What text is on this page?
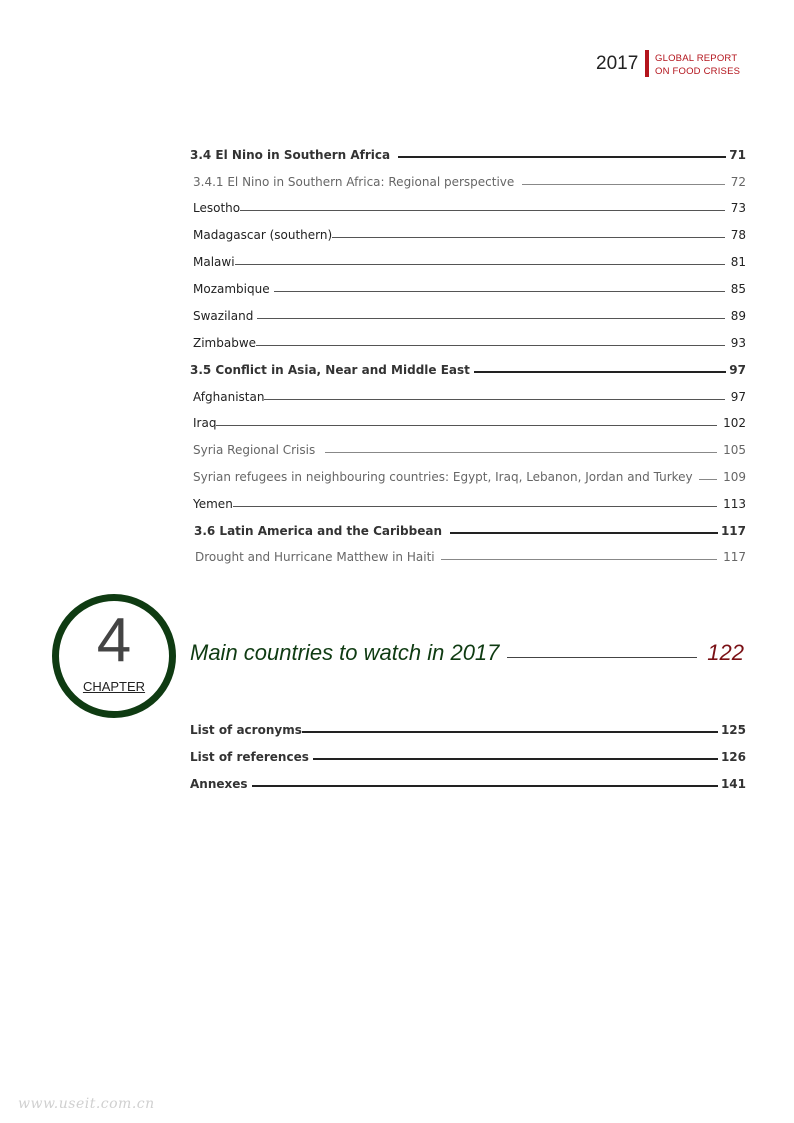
2017 GLOBAL REPORT
ON FOOD CRISES
3.4 El Nino in Southern Africa	71
3.4.1 El Nino in Southern Africa: Regional perspective	72
Lesotho	73
Madagascar (southern)	78
Malawi	81
Mozambique	85
Swaziland	89
Zimbabwe	93
3.5 Conflict in Asia, Near and Middle East	97
Afghanistan	97
Iraq	102
Syria Regional Crisis	105
Syrian refugees in neighbouring countries: Egypt, Iraq, Lebanon, Jordan and Turkey	109
Yemen	113
3.6 Latin America and the Caribbean	117
Drought and Hurricane Matthew in Haiti	117
4
CHAPTER
Main countries to watch in 2017	122
List of acronyms	125
List of references	126
Annexes	141
www.useit.com.cn
